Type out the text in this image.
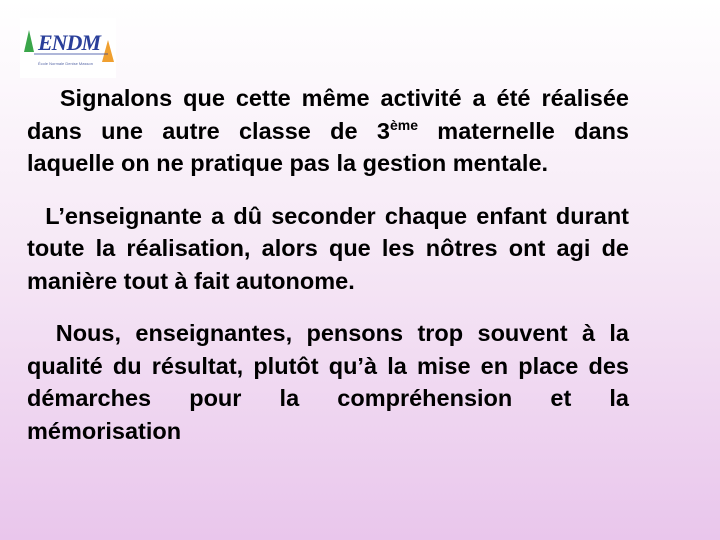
ENDM
École Normale Denise Masson

Signalons que cette même activité a été réalisée dans une autre classe de 3ème maternelle dans laquelle on ne pratique pas la gestion mentale.

L’enseignante a dû seconder chaque enfant durant toute la réalisation, alors que les nôtres ont agi de manière tout à fait autonome.

Nous, enseignantes, pensons trop souvent à la qualité du résultat, plutôt qu’à la mise en place des démarches pour la compréhension et la mémorisation
